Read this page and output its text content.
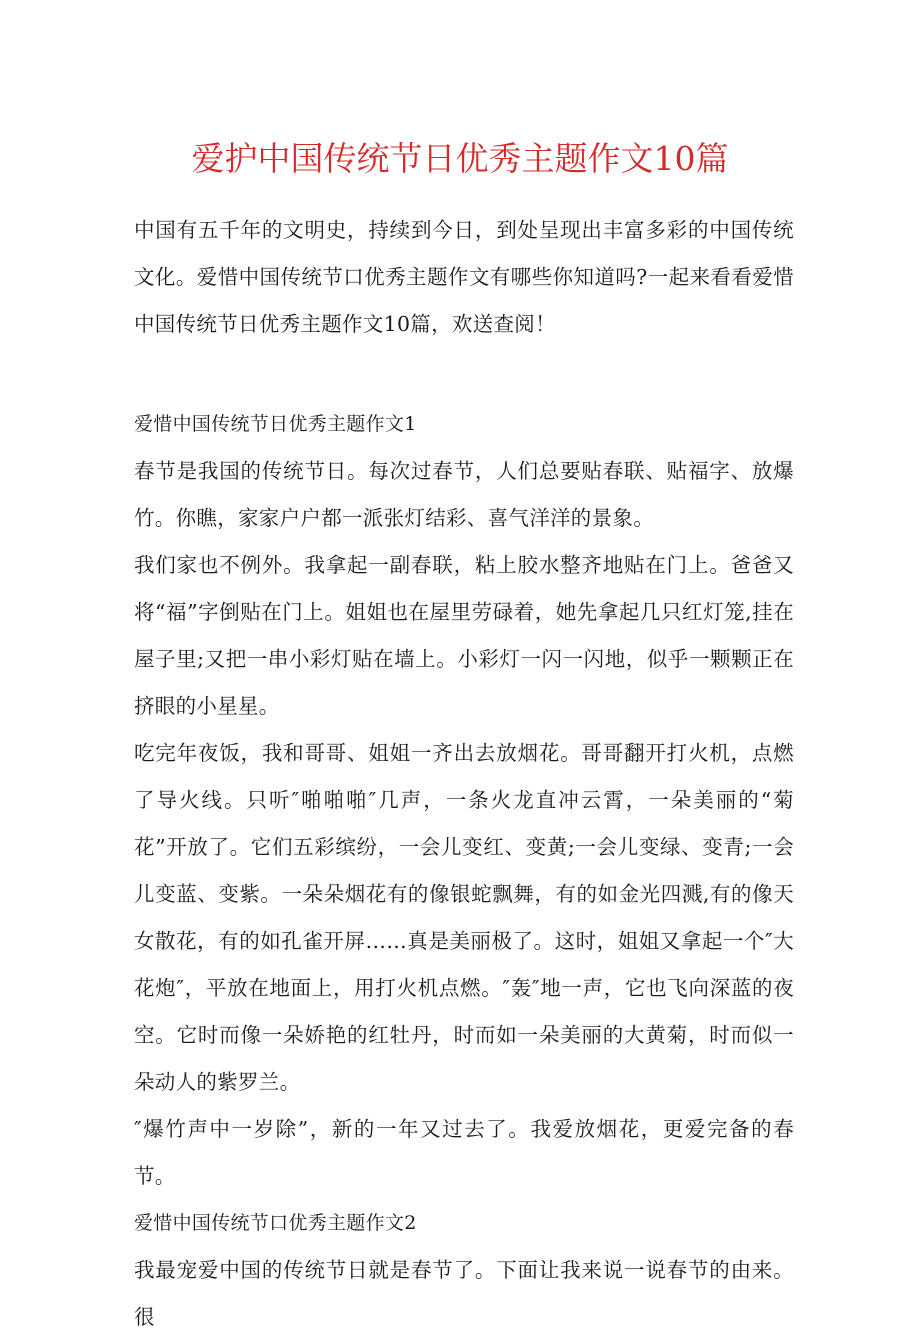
爱护中国传统节日优秀主题作文10篇

中国有五千年的文明史，持续到今日，到处呈现出丰富多彩的中国传统文化。爱惜中国传统节口优秀主题作文有哪些你知道吗?一起来看看爱惜中国传统节日优秀主题作文10篇，欢送查阅！

爱惜中国传统节日优秀主题作文1

春节是我国的传统节日。每次过春节，人们总要贴春联、贴福字、放爆竹。你瞧，家家户户都一派张灯结彩、喜气洋洋的景象。

我们家也不例外。我拿起一副春联，粘上胶水整齐地贴在门上。爸爸又将“福”字倒贴在门上。姐姐也在屋里劳碌着，她先拿起几只红灯笼,挂在屋子里;又把一串小彩灯贴在墙上。小彩灯一闪一闪地，似乎一颗颗正在挤眼的小星星。

吃完年夜饭，我和哥哥、姐姐一齐出去放烟花。哥哥翻开打火机，点燃了导火线。只听″啪啪啪″几声，一条火龙直冲云霄，一朵美丽的“菊花”开放了。它们五彩缤纷，一会儿变红、变黄;一会儿变绿、变青;一会儿变蓝、变紫。一朵朵烟花有的像银蛇飘舞，有的如金光四溅,有的像天女散花，有的如孔雀开屏……真是美丽极了。这时，姐姐又拿起一个″大花炮″，平放在地面上，用打火机点燃。″轰″地一声，它也飞向深蓝的夜空。它时而像一朵娇艳的红牡丹，时而如一朵美丽的大黄菊，时而似一朵动人的紫罗兰。

″爆竹声中一岁除”，新的一年又过去了。我爱放烟花，更爱完备的春节。

爱惜中国传统节口优秀主题作文2

我最宠爱中国的传统节日就是春节了。下面让我来说一说春节的由来。很
